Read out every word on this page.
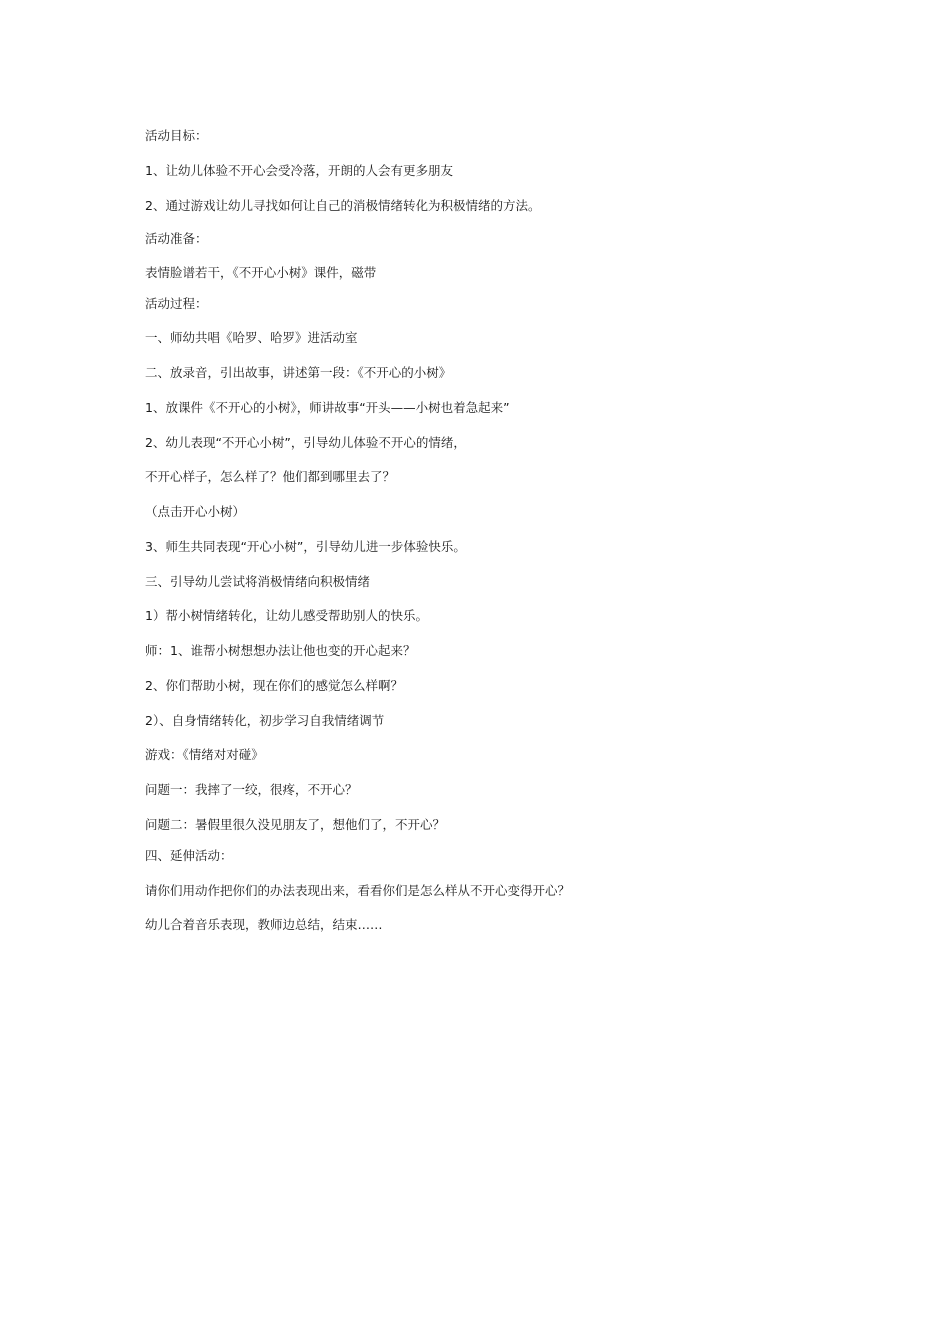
活动目标：
1、让幼儿体验不开心会受冷落，开朗的人会有更多朋友
2、通过游戏让幼儿寻找如何让自己的消极情绪转化为积极情绪的方法。
活动准备：
表情脸谱若干，《不开心小树》课件，磁带
活动过程：
一、师幼共唱《哈罗、哈罗》进活动室
二、放录音，引出故事，讲述第一段：《不开心的小树》
1、放课件《不开心的小树》，师讲故事“开头——小树也着急起来”
2、幼儿表现“不开心小树”，引导幼儿体验不开心的情绪，
不开心样子，怎么样了？他们都到哪里去了？
（点击开心小树）
3、师生共同表现“开心小树”，引导幼儿进一步体验快乐。
三、引导幼儿尝试将消极情绪向积极情绪
1）帮小树情绪转化，让幼儿感受帮助别人的快乐。
师：1、谁帮小树想想办法让他也变的开心起来？
2、你们帮助小树，现在你们的感觉怎么样啊？
2）、自身情绪转化，初步学习自我情绪调节
游戏：《情绪对对碰》
问题一：我摔了一绞，很疼，不开心？
问题二：暑假里很久没见朋友了，想他们了，不开心？
四、延伸活动：
请你们用动作把你们的办法表现出来，看看你们是怎么样从不开心变得开心？
幼儿合着音乐表现，教师边总结，结束……
